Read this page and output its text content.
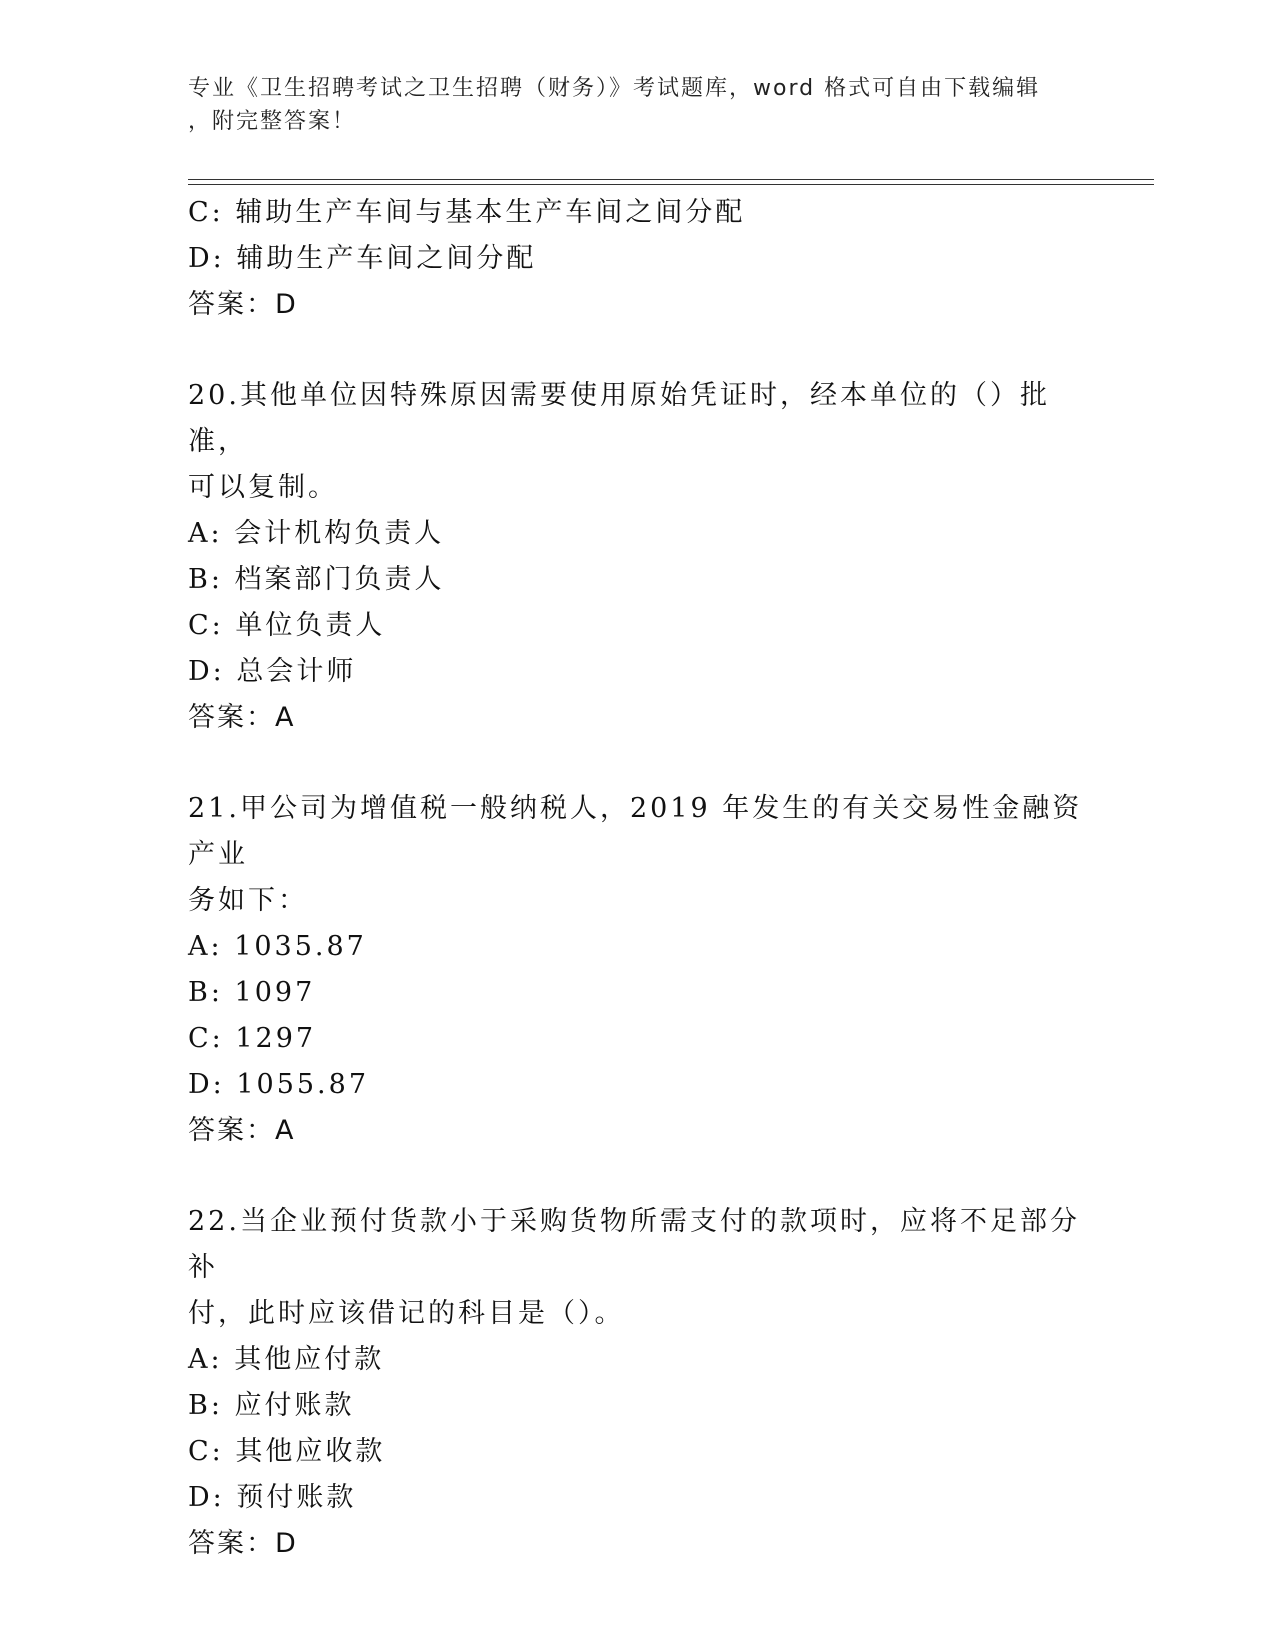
专业《卫生招聘考试之卫生招聘（财务）》考试题库，word 格式可自由下载编辑
，附完整答案！
C: 辅助生产车间与基本生产车间之间分配
D: 辅助生产车间之间分配
答案：D
20.其他单位因特殊原因需要使用原始凭证时，经本单位的（）批准，
可以复制。
A: 会计机构负责人
B: 档案部门负责人
C: 单位负责人
D: 总会计师
答案：A
21.甲公司为增值税一般纳税人，2019 年发生的有关交易性金融资产业
务如下：
A: 1035.87
B: 1097
C: 1297
D: 1055.87
答案：A
22.当企业预付货款小于采购货物所需支付的款项时，应将不足部分补
付，此时应该借记的科目是（）。
A: 其他应付款
B: 应付账款
C: 其他应收款
D: 预付账款
答案：D
